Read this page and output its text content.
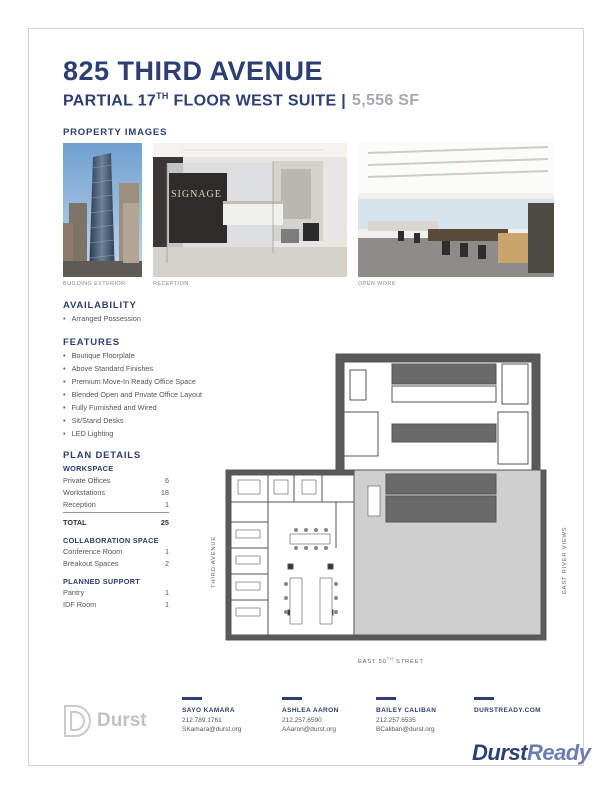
825 THIRD AVENUE
PARTIAL 17TH FLOOR WEST SUITE | 5,556 SF
PROPERTY IMAGES
BUILDING EXTERIOR
SIGNAGE
RECEPTION	OPEN WORK
AVAILABILITY
• Arranged Possession
FEATURES
• Boutique Floorplate
• Above Standard Finishes
• Premium Move-In Ready Office Space
• Blended Open and Private Office Layout
• Fully Furnished and Wired
• Sit/Stand Desks
• LED Lighting
PLAN DETAILS
WORKSPACE
Private Offices	6
Workstations	18
Reception	1
TOTAL	25
COLLABORATION SPACE
Conference Room	1
Breakout Spaces	2
PLANNED SUPPORT
Pantry	1
IDF Room	1
EAST 50TH STREET
THIRD AVENUE	EAST RIVER VIEWS
Durst	SAYO KAMARA
212.789.1761
SKamara@durst.org
ASHLEA AARON
212.257.6590
AAaron@durst.org
BAILEY CALIBAN
212.257.6535
BCaliban@durst.org
DURSTREADY.COM
DurstReady
